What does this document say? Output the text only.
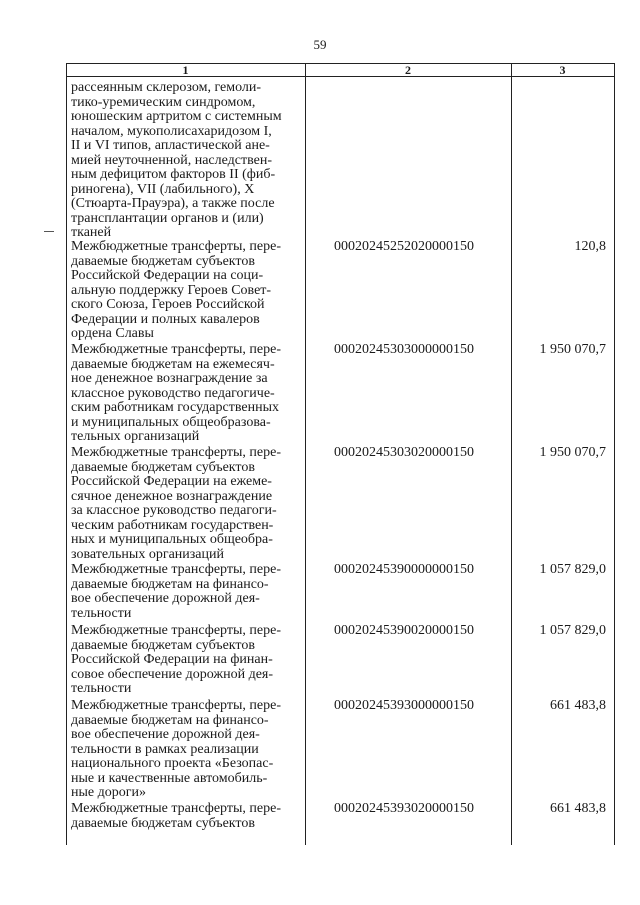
59
1	2	3
рассеянным склерозом, гемоли-
тико-уремическим синдромом,
юношеским артритом с системным
началом, мукополисахаридозом I,
II и VI типов, апластической ане-
мией неуточненной, наследствен-
ным дефицитом факторов II (фиб-
риногена), VII (лабильного), X
(Стюарта-Прауэра), а также после
трансплантации органов и (или)
тканей
Межбюджетные трансферты, пере-
даваемые бюджетам субъектов
Российской Федерации на соци-
альную поддержку Героев Совет-
ского Союза, Героев Российской
Федерации и полных кавалеров
ордена Славы
00020245252020000150	120,8
Межбюджетные трансферты, пере-
даваемые бюджетам на ежемесяч-
ное денежное вознаграждение за
классное руководство педагогиче-
ским работникам государственных
и муниципальных общеобразова-
тельных организаций
00020245303000000150	1 950 070,7
Межбюджетные трансферты, пере-
даваемые бюджетам субъектов
Российской Федерации на ежеме-
сячное денежное вознаграждение
за классное руководство педагоги-
ческим работникам государствен-
ных и муниципальных общеобра-
зовательных организаций
00020245303020000150	1 950 070,7
Межбюджетные трансферты, пере-
даваемые бюджетам на финансо-
вое обеспечение дорожной дея-
тельности
00020245390000000150	1 057 829,0
Межбюджетные трансферты, пере-
даваемые бюджетам субъектов
Российской Федерации на финан-
совое обеспечение дорожной дея-
тельности
00020245390020000150	1 057 829,0
Межбюджетные трансферты, пере-
даваемые бюджетам на финансо-
вое обеспечение дорожной дея-
тельности в рамках реализации
национального проекта «Безопас-
ные и качественные автомобиль-
ные дороги»
00020245393000000150	661 483,8
Межбюджетные трансферты, пере-
даваемые бюджетам субъектов
00020245393020000150	661 483,8
